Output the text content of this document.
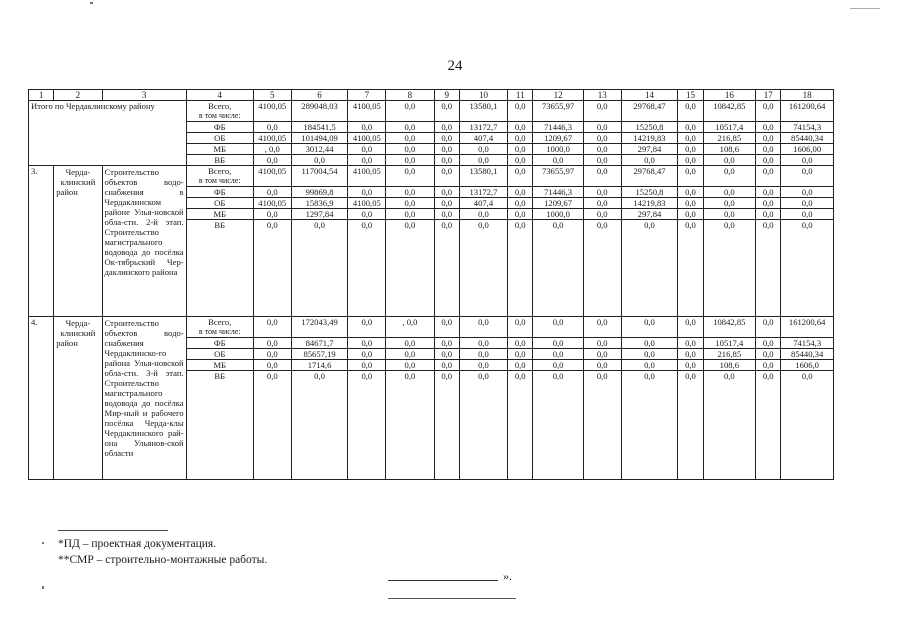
24
1	2	3	4	5	6	7	8	9	10	11	12	13	14	15	16	17	18
Итого по Чердаклинскому району			Всего,
в том числе:	4100,05	289048,03	4100,05	0,0	0,0	13580,1	0,0	73655,97	0,0	29768,47	0,0	10842,85	0,0	161200,64
			ФБ	0,0	184541,5	0,0	0,0	0,0	13172,7	0,0	71446,3	0,0	15250,8	0,0	10517,4	0,0	74154,3
			ОБ	4100,05	101494,09	4100,05	0,0	0,0	407,4	0,0	1209,67	0,0	14219,83	0,0	216,85	0,0	85440,34
			МБ	, 0,0	3012,44	0,0	0,0	0,0	0,0	0,0	1000,0	0,0	297,84	0,0	108,6	0,0	1606,00
			ВБ	0,0	0,0	0,0	0,0	0,0	0,0	0,0	0,0	0,0	0,0	0,0	0,0	0,0	0,0
3.	Черда-клинский район	Строительство объектов водо-снабжения в Чердаклинском районе Улья-новской обла-сти. 2-й этап. Строительство магистрального водовода до посёлка Ок-тябрьский Чер-даклинского района	Всего,
в том числе:	4100,05	117004,54	4100,05	0,0	0,0	13580,1	0,0	73655,97	0,0	29768,47	0,0	0,0	0,0	0,0
			ФБ	0,0	99869,8	0,0	0,0	0,0	13172,7	0,0	71446,3	0,0	15250,8	0,0	0,0	0,0	0,0
			ОБ	4100,05	15836,9	4100,05	0,0	0,0	407,4	0,0	1209,67	0,0	14219,83	0,0	0,0	0,0	0,0
			МБ	0,0	1297,84	0,0	0,0	0,0	0,0	0,0	1000,0	0,0	297,84	0,0	0,0	0,0	0,0
			ВБ	0,0	0,0	0,0	0,0	0,0	0,0	0,0	0,0	0,0	0,0	0,0	0,0	0,0	0,0
4.	Черда-клинский район	Строительство объектов водо-снабжения Чердаклинско-го района Улья-новской обла-сти. 3-й этап. Строительство магистрального водовода до посёлка Мир-ный и рабочего посёлка Черда-клы Чердаклинского рай-она Ульянов-ской области	Всего,
в том числе:	0,0	172043,49	0,0	, 0,0	0,0	0,0	0,0	0,0	0,0	0,0	0,0	10842,85	0,0	161200,64
			ФБ	0,0	84671,7	0,0	0,0	0,0	0,0	0,0	0,0	0,0	0,0	0,0	10517,4	0,0	74154,3
			ОБ	0,0	85657,19	0,0	0,0	0,0	0,0	0,0	0,0	0,0	0,0	0,0	216,85	0,0	85440,34
			МБ	0,0	1714,6	0,0	0,0	0,0	0,0	0,0	0,0	0,0	0,0	0,0	108,6	0,0	1606,0
			ВБ	0,0	0,0	0,0	0,0	0,0	0,0	0,0	0,0	0,0	0,0	0,0	0,0	0,0	0,0
*ПД – проектная документация.
**СМР – строительно-монтажные работы.
».
